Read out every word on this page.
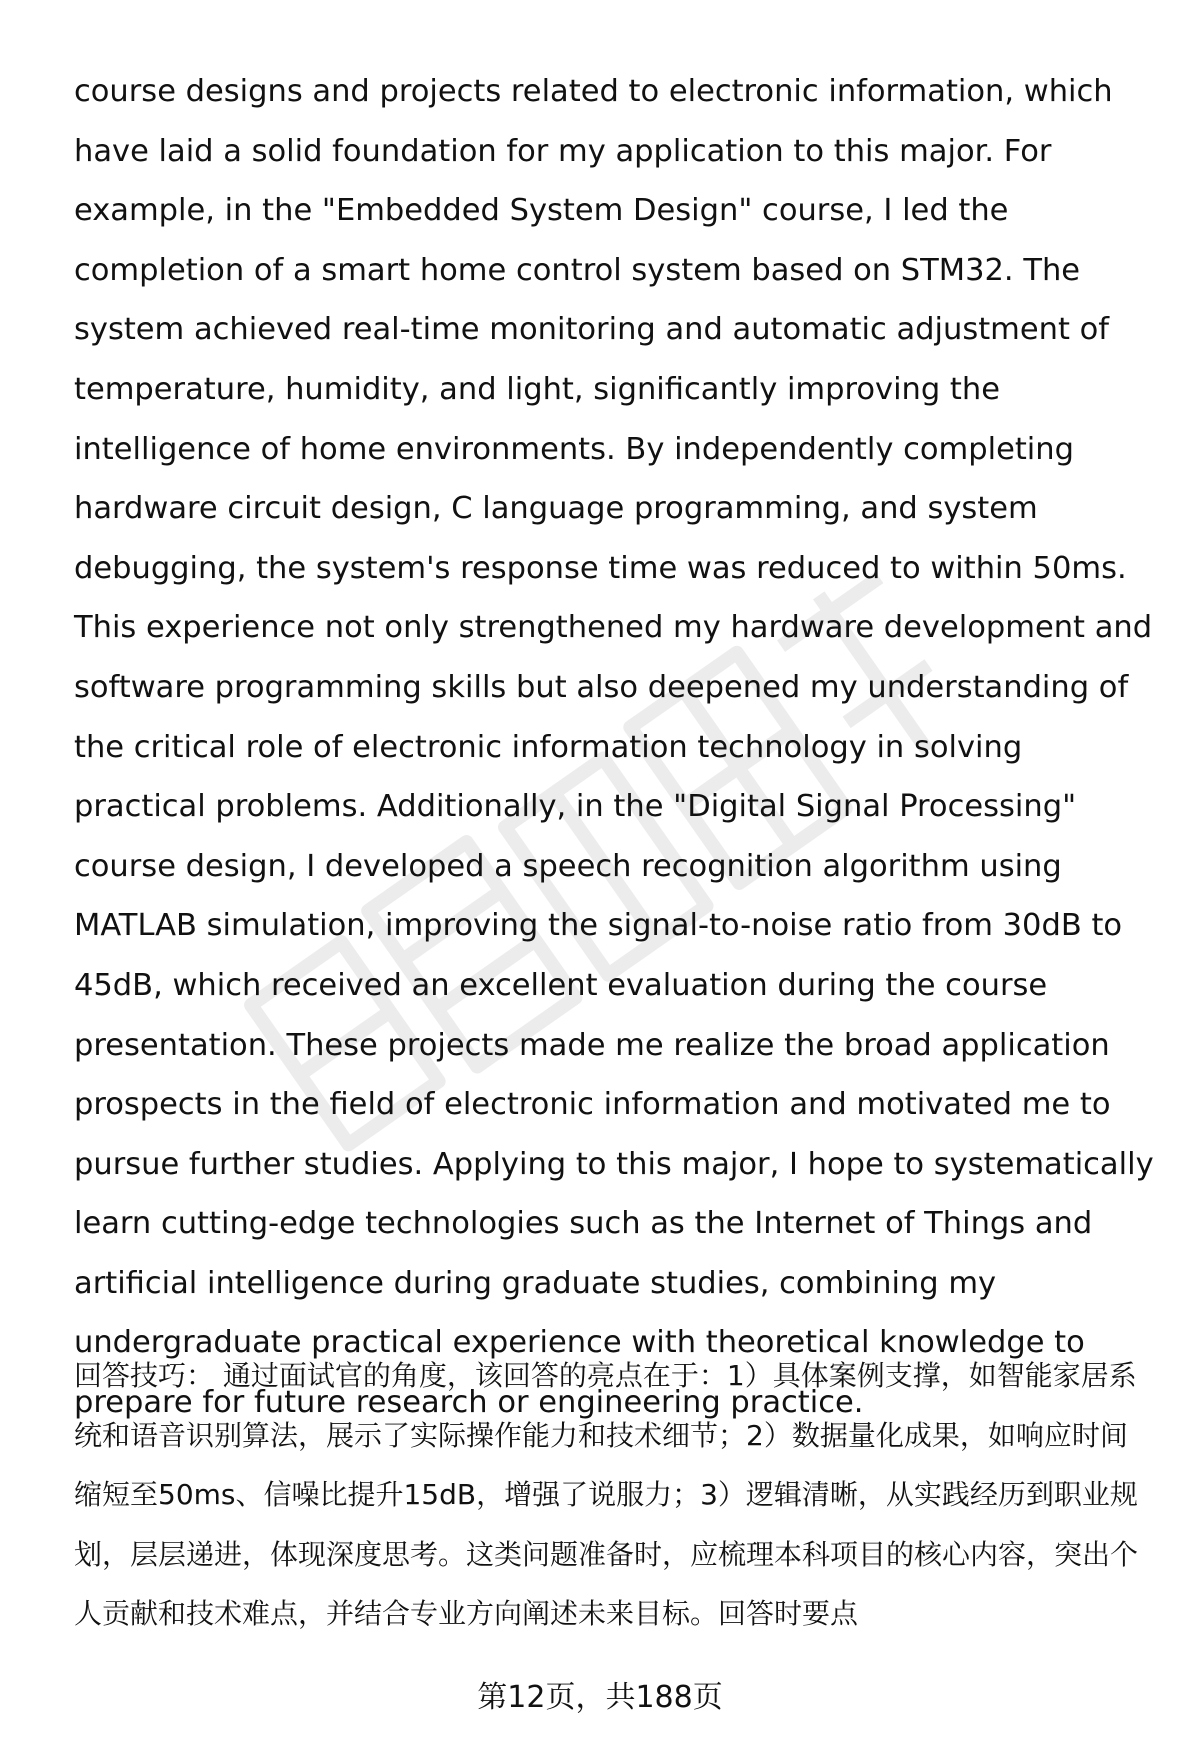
course designs and projects related to electronic information, which have laid a solid foundation for my application to this major. For example, in the "Embedded System Design" course, I led the completion of a smart home control system based on STM32. The system achieved real-time monitoring and automatic adjustment of temperature, humidity, and light, significantly improving the intelligence of home environments. By independently completing hardware circuit design, C language programming, and system debugging, the system's response time was reduced to within 50ms. This experience not only strengthened my hardware development and software programming skills but also deepened my understanding of the critical role of electronic information technology in solving practical problems. Additionally, in the "Digital Signal Processing" course design, I developed a speech recognition algorithm using MATLAB simulation, improving the signal-to-noise ratio from 30dB to 45dB, which received an excellent evaluation during the course presentation. These projects made me realize the broad application prospects in the field of electronic information and motivated me to pursue further studies. Applying to this major, I hope to systematically learn cutting-edge technologies such as the Internet of Things and artificial intelligence during graduate studies, combining my undergraduate practical experience with theoretical knowledge to prepare for future research or engineering practice.

回答技巧： 通过面试官的角度，该回答的亮点在于：1）具体案例支撑，如智能家居系统和语音识别算法，展示了实际操作能力和技术细节；2）数据量化成果，如响应时间缩短至50ms、信噪比提升15dB，增强了说服力；3）逻辑清晰，从实践经历到职业规划，层层递进，体现深度思考。这类问题准备时，应梳理本科项目的核心内容，突出个人贡献和技术难点，并结合专业方向阐述未来目标。回答时要点

第12页，共188页
